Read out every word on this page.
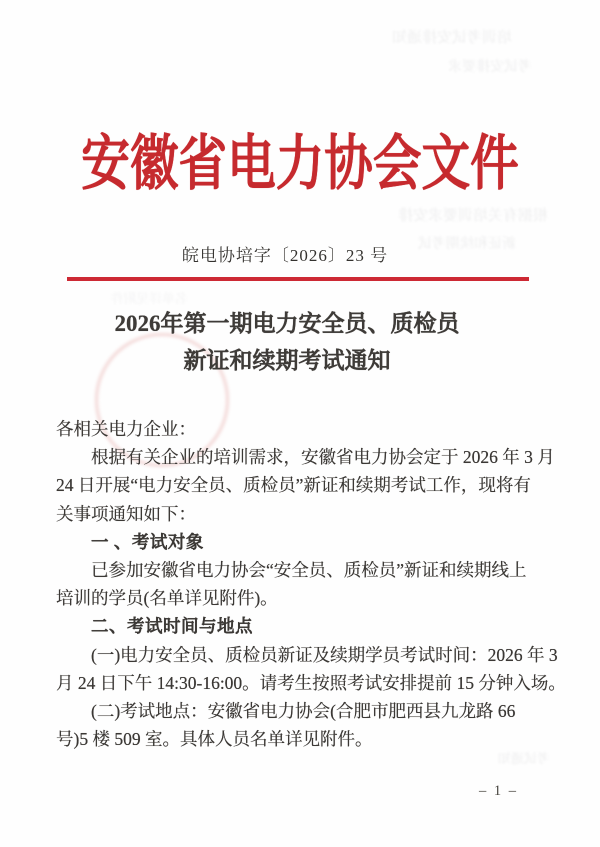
培训考试安排通知
考试安排要求
根据有关培训要求安排
新证和续期考试
考试通知
名单详见附件
安徽省电力协会文件
皖电协培字〔2026〕23 号
2026年第一期电力安全员、质检员
新证和续期考试通知
各相关电力企业：
根据有关企业的培训需求，安徽省电力协会定于 2026 年 3 月
24 日开展“电力安全员、质检员”新证和续期考试工作，现将有
关事项通知如下：
一 、考试对象
已参加安徽省电力协会“安全员、质检员”新证和续期线上
培训的学员(名单详见附件)。
二、考试时间与地点
(一)电力安全员、质检员新证及续期学员考试时间：2026 年 3
月 24 日下午 14:30-16:00。请考生按照考试安排提前 15 分钟入场。
(二)考试地点：安徽省电力协会(合肥市肥西县九龙路 66
号)5 楼 509 室。具体人员名单详见附件。
– 1 –
